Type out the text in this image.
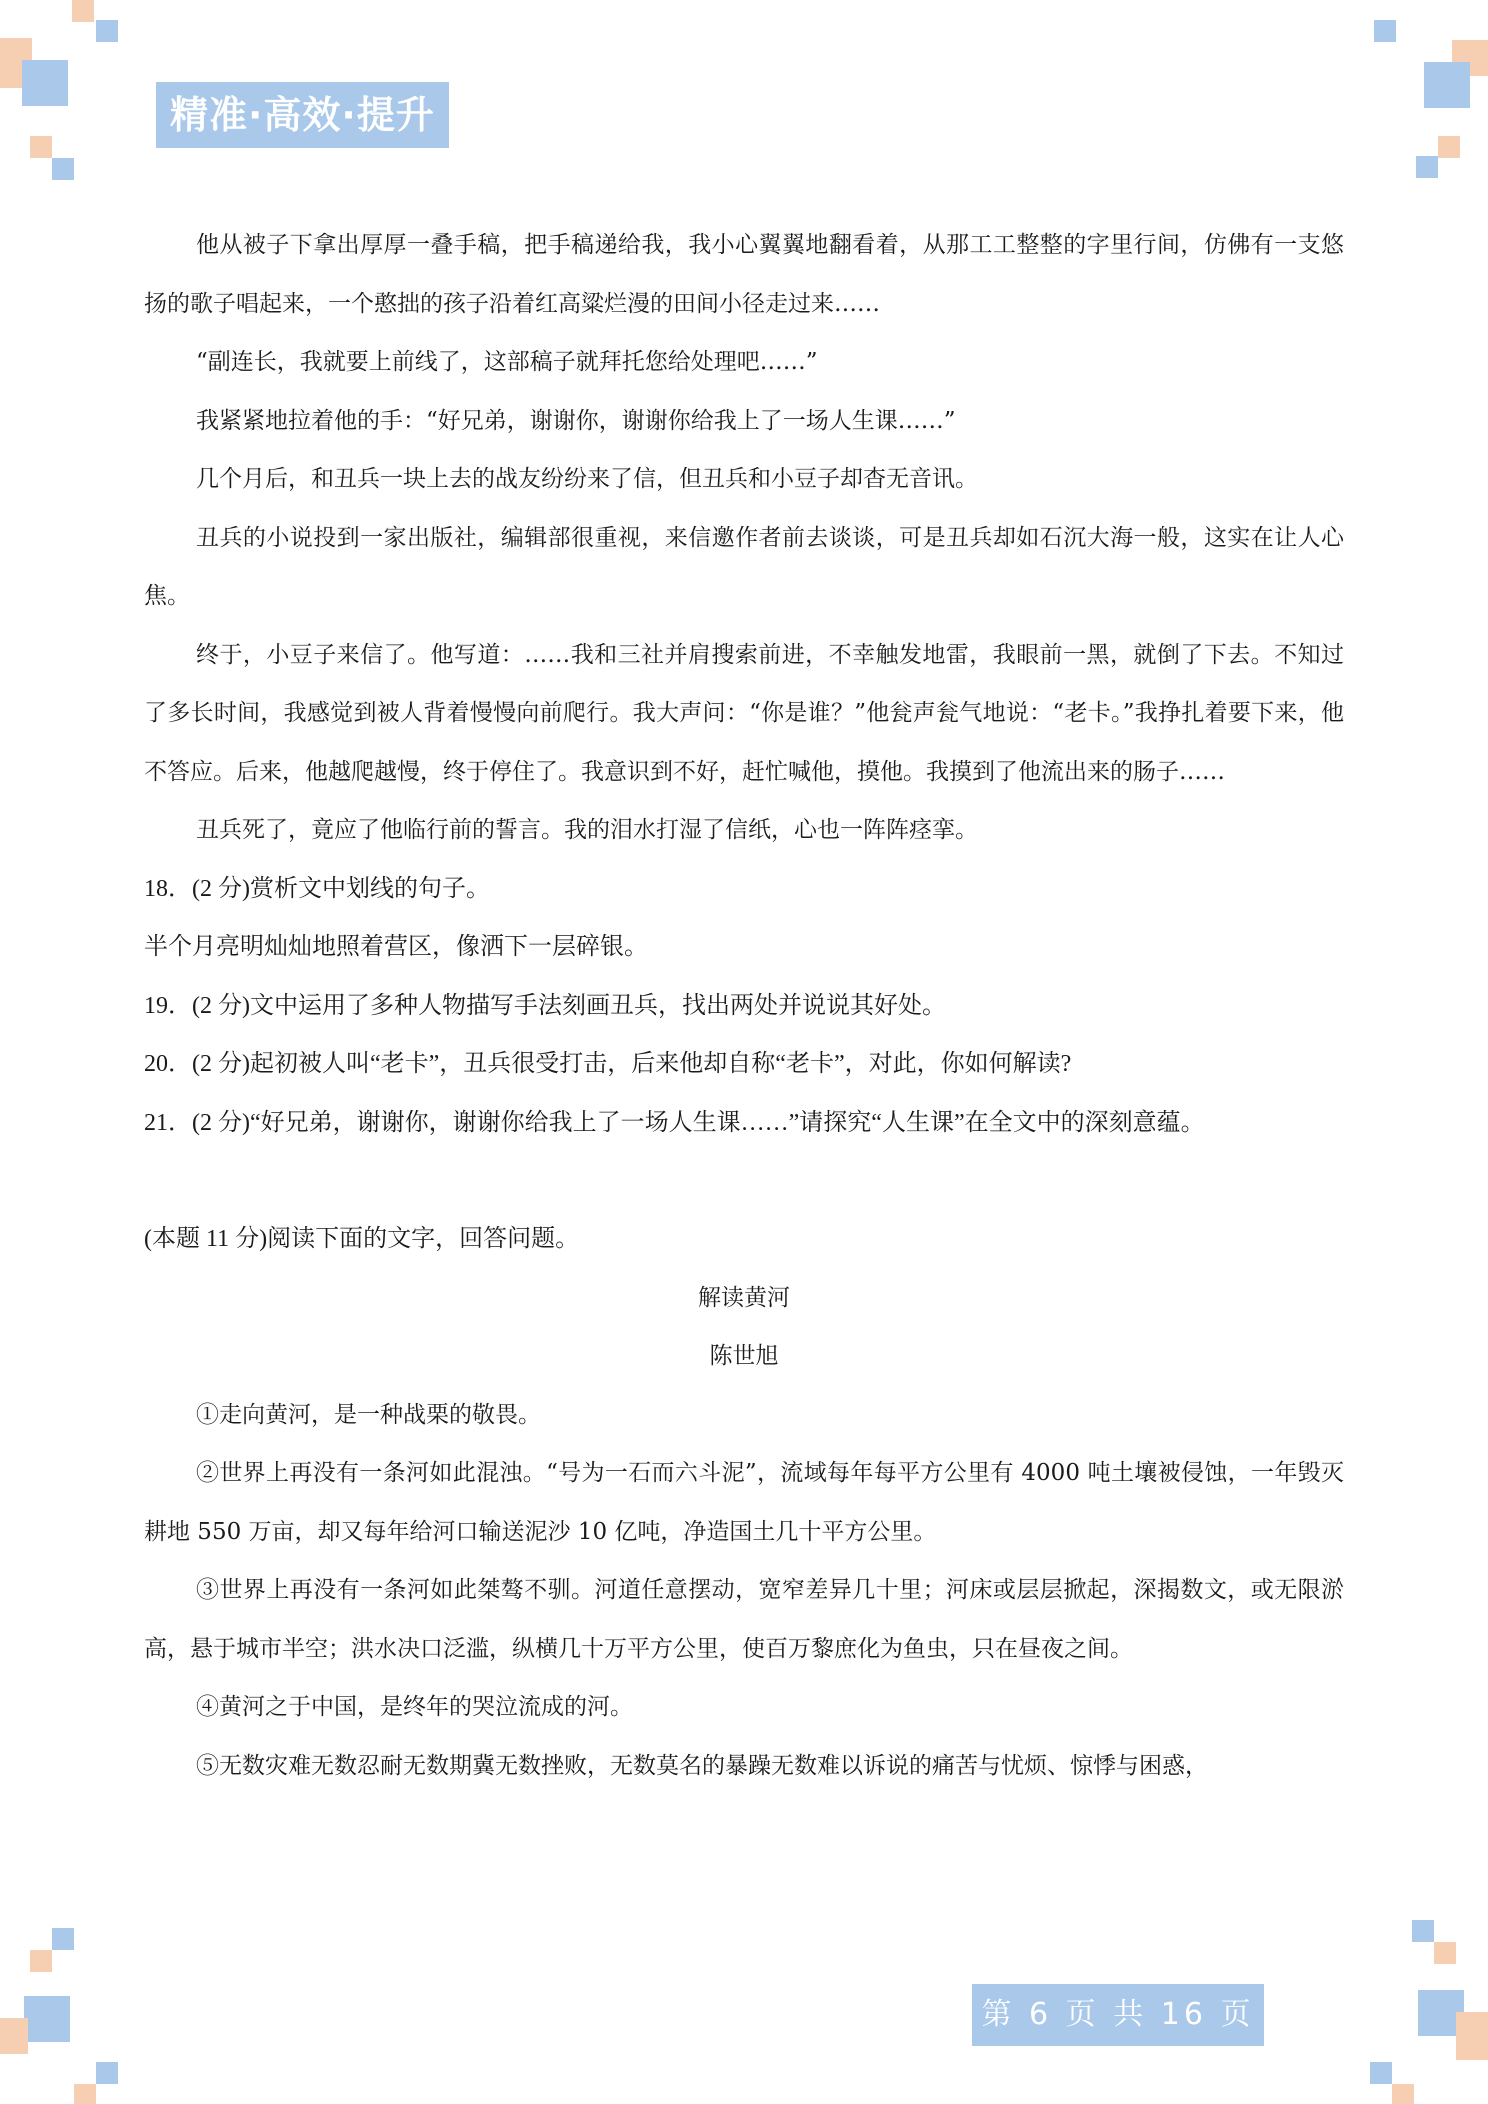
精准·高效·提升

他从被子下拿出厚厚一叠手稿，把手稿递给我，我小心翼翼地翻看着，从那工工整整的字里行间，仿佛有一支悠扬的歌子唱起来，一个憨拙的孩子沿着红高粱烂漫的田间小径走过来……

“副连长，我就要上前线了，这部稿子就拜托您给处理吧……”

我紧紧地拉着他的手：“好兄弟，谢谢你，谢谢你给我上了一场人生课……”

几个月后，和丑兵一块上去的战友纷纷来了信，但丑兵和小豆子却杳无音讯。

丑兵的小说投到一家出版社，编辑部很重视，来信邀作者前去谈谈，可是丑兵却如石沉大海一般，这实在让人心焦。

终于，小豆子来信了。他写道：……我和三社并肩搜索前进，不幸触发地雷，我眼前一黑，就倒了下去。不知过了多长时间，我感觉到被人背着慢慢向前爬行。我大声问：“你是谁？”他瓮声瓮气地说：“老卡。”我挣扎着要下来，他不答应。后来，他越爬越慢，终于停住了。我意识到不好，赶忙喊他，摸他。我摸到了他流出来的肠子……

丑兵死了，竟应了他临行前的誓言。我的泪水打湿了信纸，心也一阵阵痉挛。

18．(2 分)赏析文中划线的句子。

半个月亮明灿灿地照着营区，像洒下一层碎银。

19．(2 分)文中运用了多种人物描写手法刻画丑兵，找出两处并说说其好处。

20．(2 分)起初被人叫“老卡”，丑兵很受打击，后来他却自称“老卡”，对此，你如何解读?

21．(2 分)“好兄弟，谢谢你，谢谢你给我上了一场人生课……”请探究“人生课”在全文中的深刻意蕴。

(本题 11 分)阅读下面的文字，回答问题。

解读黄河

陈世旭

①走向黄河，是一种战栗的敬畏。

②世界上再没有一条河如此混浊。“号为一石而六斗泥”，流域每年每平方公里有 4000 吨土壤被侵蚀，一年毁灭耕地 550 万亩，却又每年给河口输送泥沙 10 亿吨，净造国土几十平方公里。

③世界上再没有一条河如此桀骜不驯。河道任意摆动，宽窄差异几十里；河床或层层掀起，深揭数文，或无限淤高，悬于城市半空；洪水决口泛滥，纵横几十万平方公里，使百万黎庶化为鱼虫，只在昼夜之间。

④黄河之于中国，是终年的哭泣流成的河。

⑤无数灾难无数忍耐无数期冀无数挫败，无数莫名的暴躁无数难以诉说的痛苦与忧烦、惊悸与困惑，

第 6 页 共 16 页
